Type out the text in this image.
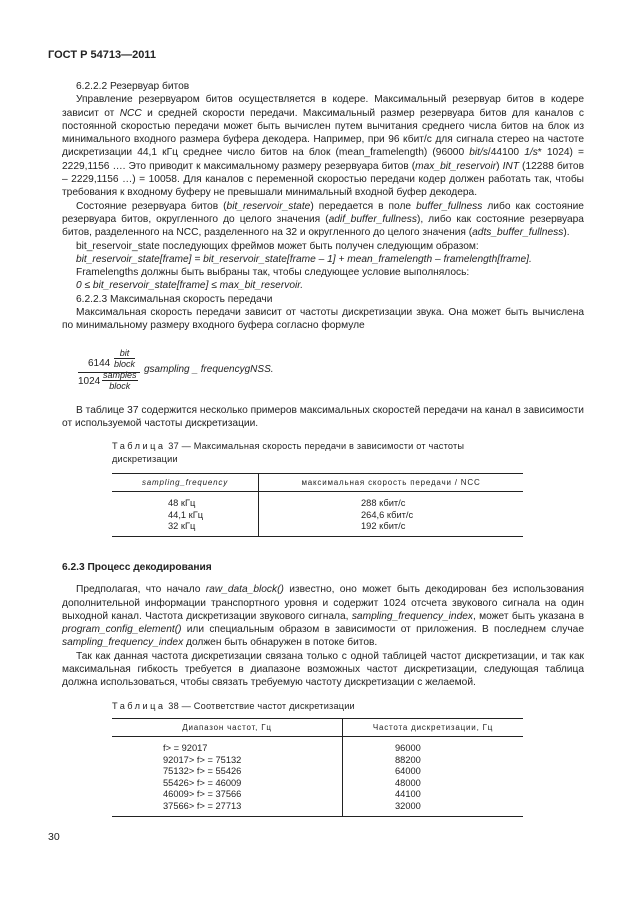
ГОСТ Р 54713—2011

6.2.2.2 Резервуар битов

Управление резервуаром битов осуществляется в кодере. Максимальный резервуар битов в кодере зависит от NCC и средней скорости передачи. Максимальный размер резервуара битов для каналов с постоянной скоростью передачи может быть вычислен путем вычитания среднего числа битов на блок из минимального входного размера буфера декодера. Например, при 96 кбит/с для сигнала стерео на частоте дискретизации 44,1 кГц среднее число битов на блок (mean_framelength) (96000 bit/s/44100 1/s* 1024) = 2229,1156 …. Это приводит к максимальному размеру резервуара битов (max_bit_reservoir) INT (12288 битов – 2229,1156 …) = 10058. Для каналов с переменной скоростью передачи кодер должен работать так, чтобы требования к входному буферу не превышали минимальный входной буфер декодера.

Состояние резервуара битов (bit_reservoir_state) передается в поле buffer_fullness либо как состояние резервуара битов, округленного до целого значения (adif_buffer_fullness), либо как состояние резервуара битов, разделенного на NCC, разделенного на 32 и округленного до целого значения (adts_buffer_fullness).

bit_reservoir_state последующих фреймов может быть получен следующим образом:

bit_reservoir_state[frame] = bit_reservoir_state[frame – 1] + mean_framelength – framelength[frame].

Framelengths должны быть выбраны так, чтобы следующее условие выполнялось:

0 ≤ bit_reservoir_state[frame] ≤ max_bit_reservoir.

6.2.2.3 Максимальная скорость передачи

Максимальная скорость передачи зависит от частоты дискретизации звука. Она может быть вычислена по минимальному размеру входного буфера согласно формуле

6144
bit
block
1024
samples
block
gsampling _ frequencygNSS.

В таблице 37 содержится несколько примеров максимальных скоростей передачи на канал в зависимости от используемой частоты дискретизации.

Таблица 37 — Максимальная скорость передачи в зависимости от частоты дискретизации
sampling_frequency	максимальная скорость передачи / NCC
48 кГц	288 кбит/с
44,1 кГц	264,6 кбит/с
32 кГц	192 кбит/с

6.2.3 Процесс декодирования

Предполагая, что начало raw_data_block() известно, оно может быть декодирован без использования дополнительной информации транспортного уровня и содержит 1024 отсчета звукового сигнала на один выходной канал. Частота дискретизации звукового сигнала, sampling_frequency_index, может быть указана в program_config_element() или специальным образом в зависимости от приложения. В последнем случае sampling_frequency_index должен быть обнаружен в потоке битов.

Так как данная частота дискретизации связана только с одной таблицей частот дискретизации, и так как максимальная гибкость требуется в диапазоне возможных частот дискретизации, следующая таблица должна использоваться, чтобы связать требуемую частоту дискретизации с желаемой.

Таблица 38 — Соответствие частот дискретизации
Диапазон частот, Гц	Частота дискретизации, Гц
f> = 92017	96000
92017> f> = 75132	88200
75132> f> = 55426	64000
55426> f> = 46009	48000
46009> f> = 37566	44100
37566> f> = 27713	32000
30
